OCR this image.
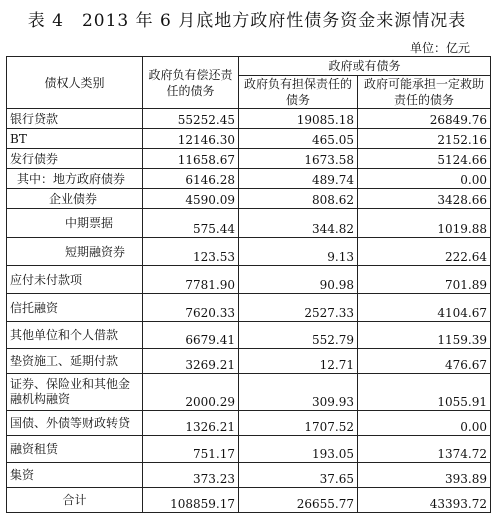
表 4　2013 年 6 月底地方政府性债务资金来源情况表
单位：亿元
债权人类别	政府负有偿还责任的债务	政府或有债务	
		政府负有担保责任的债务	政府可能承担一定救助责任的债务
银行贷款	55252.45	19085.18	26849.76
BT	12146.30	465.05	2152.16
发行债券	11658.67	1673.58	5124.66
其中：地方政府债券	6146.28	489.74	0.00
企业债券	4590.09	808.62	3428.66
中期票据	575.44	344.82	1019.88
短期融资券	123.53	9.13	222.64
应付未付款项	7781.90	90.98	701.89
信托融资	7620.33	2527.33	4104.67
其他单位和个人借款	6679.41	552.79	1159.39
垫资施工、延期付款	3269.21	12.71	476.67
证券、保险业和其他金融机构融资	2000.29	309.93	1055.91
国债、外债等财政转贷	1326.21	1707.52	0.00
融资租赁	751.17	193.05	1374.72
集资	373.23	37.65	393.89
合计	108859.17	26655.77	43393.72
